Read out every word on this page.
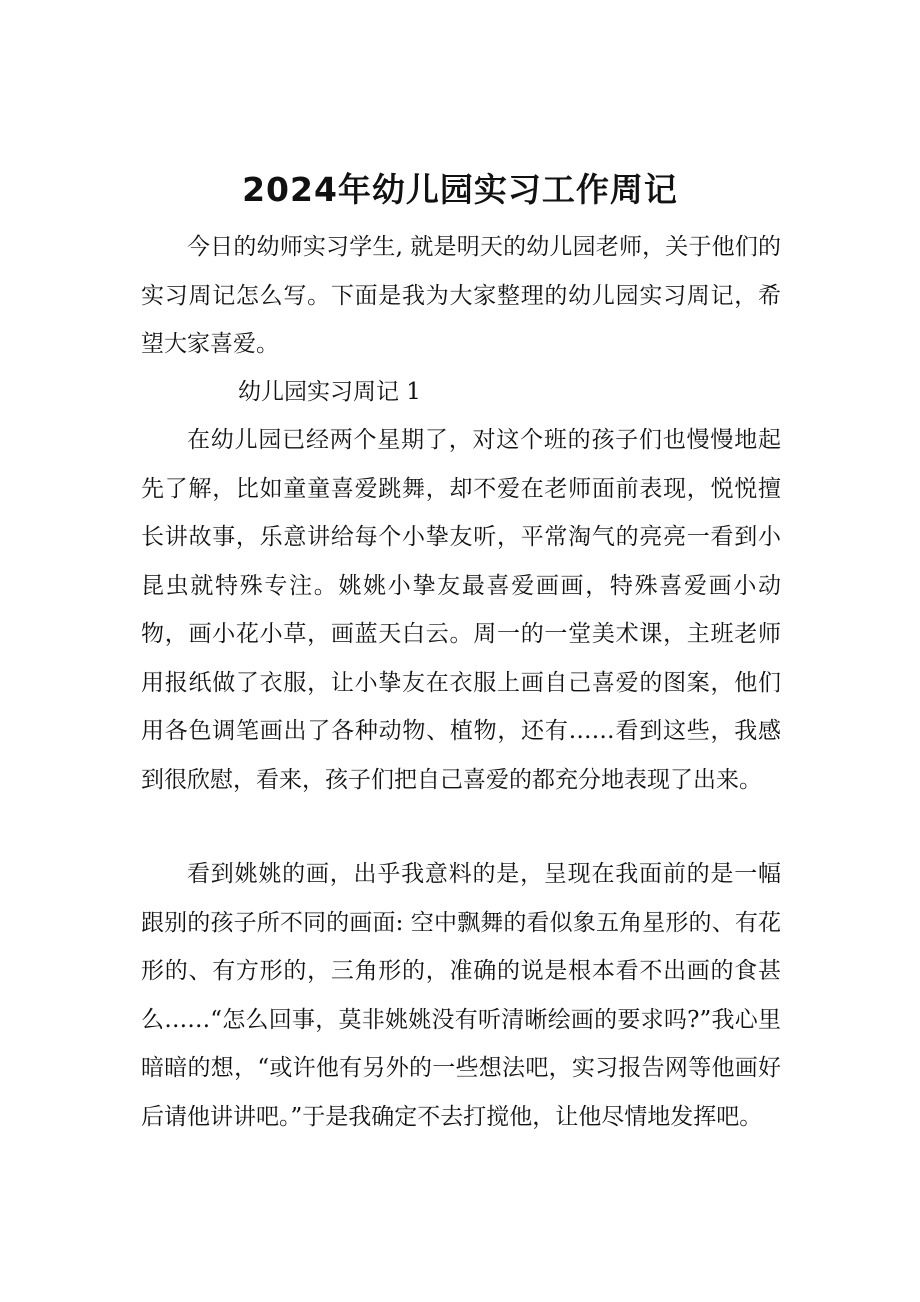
2024年幼儿园实习工作周记

今日的幼师实习学生, 就是明天的幼儿园老师，关于他们的实习周记怎么写。下面是我为大家整理的幼儿园实习周记，希望大家喜爱。

幼儿园实习周记 1

在幼儿园已经两个星期了，对这个班的孩子们也慢慢地起先了解，比如童童喜爱跳舞，却不爱在老师面前表现，悦悦擅长讲故事，乐意讲给每个小挚友听，平常淘气的亮亮一看到小昆虫就特殊专注。姚姚小挚友最喜爱画画，特殊喜爱画小动物，画小花小草，画蓝天白云。周一的一堂美术课，主班老师用报纸做了衣服，让小挚友在衣服上画自己喜爱的图案，他们用各色调笔画出了各种动物、植物，还有……看到这些，我感到很欣慰，看来，孩子们把自己喜爱的都充分地表现了出来。

看到姚姚的画，出乎我意料的是，呈现在我面前的是一幅跟别的孩子所不同的画面: 空中飘舞的看似象五角星形的、有花形的、有方形的，三角形的，准确的说是根本看不出画的食甚么……“怎么回事，莫非姚姚没有听清晰绘画的要求吗?”我心里暗暗的想，“或许他有另外的一些想法吧，实习报告网等他画好后请他讲讲吧。”于是我确定不去打搅他，让他尽情地发挥吧。
